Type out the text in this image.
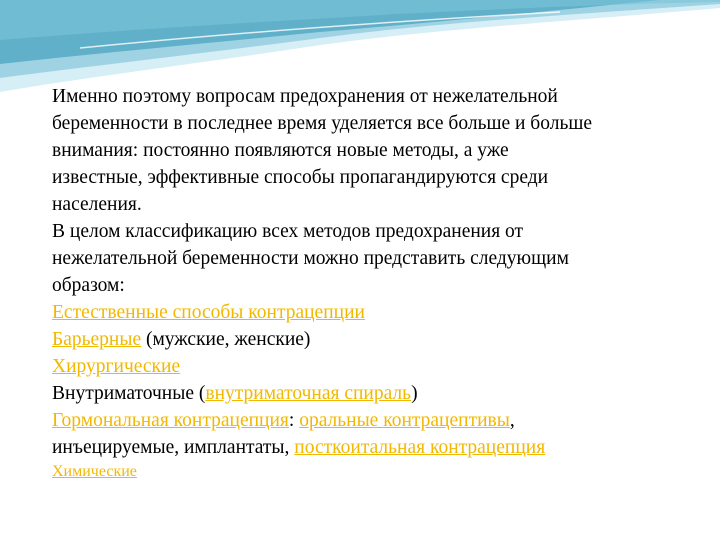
Именно поэтому вопросам предохранения от нежелательной
беременности в последнее время уделяется все больше и больше
внимания: постоянно появляются новые методы, а уже
известные, эффективные способы пропагандируются среди
населения.
В целом классификацию всех методов предохранения от
нежелательной беременности можно представить следующим
образом:
Естественные способы контрацепции
Барьерные (мужские, женские)
Хирургические
Внутриматочные (внутриматочная спираль)
Гормональная контрацепция: оральные контрацептивы,
инъецируемые, имплантаты, посткоитальная контрацепция
Химические
